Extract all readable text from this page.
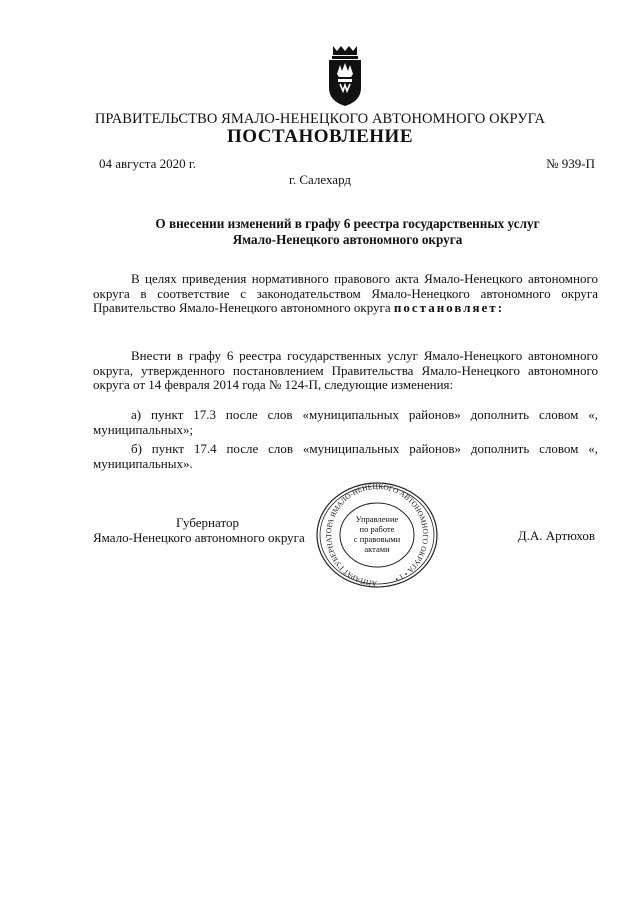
ПРАВИТЕЛЬСТВО ЯМАЛО-НЕНЕЦКОГО АВТОНОМНОГО ОКРУГА
ПОСТАНОВЛЕНИЕ
04 августа 2020 г.	№ 939-П
г. Салехард
О внесении изменений в графу 6 реестра государственных услуг
Ямало-Ненецкого автономного округа
В целях приведения нормативного правового акта Ямало-Ненецкого автономного округа в соответствие с законодательством Ямало-Ненецкого автономного округа Правительство Ямало-Ненецкого автономного округа постановляет:
Внести в графу 6 реестра государственных услуг Ямало-Ненецкого автономного округа, утвержденного постановлением Правительства Ямало-Ненецкого автономного округа от 14 февраля 2014 года № 124-П, следующие изменения:
а) пункт 17.3 после слов «муниципальных районов» дополнить словом «, муниципальных»;
б) пункт 17.4 после слов «муниципальных районов» дополнить словом «, муниципальных».
Губернатор
Ямало-Ненецкого автономного округа	Д.А. Артюхов
АППАРАТ ГУБЕРНАТОРА ЯМАЛО-НЕНЕЦКОГО АВТОНОМНОГО ОКРУГА • 1 •
Управление
по работе
с правовыми
актами
